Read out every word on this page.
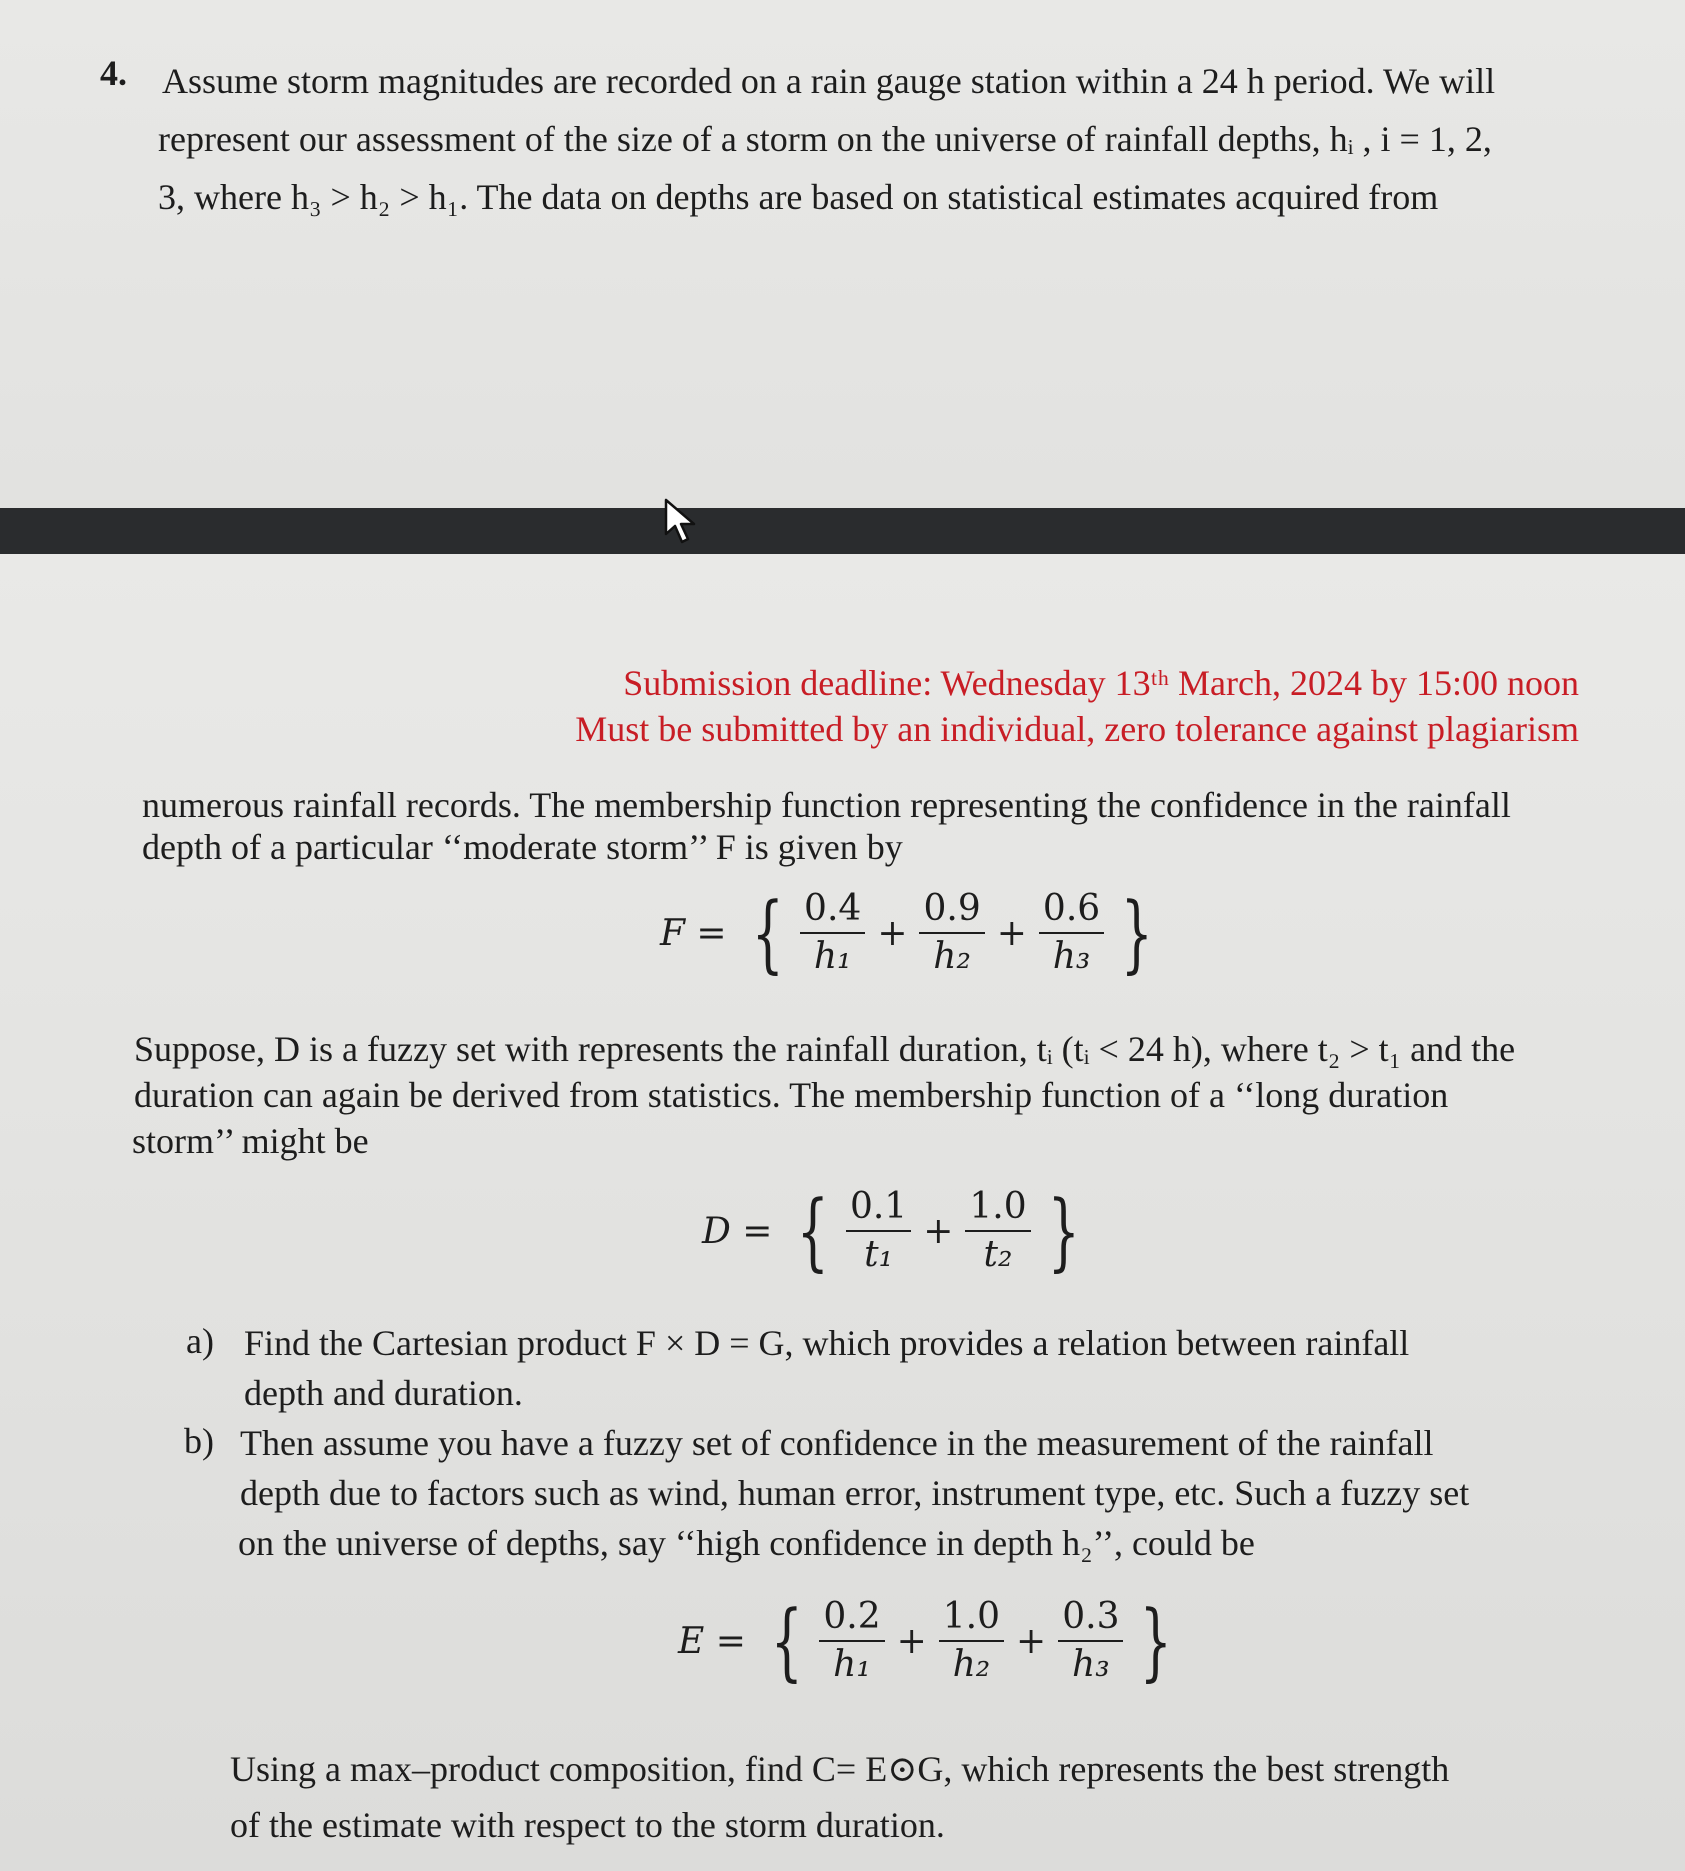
4. Assume storm magnitudes are recorded on a rain gauge station within a 24 h period. We will
represent our assessment of the size of a storm on the universe of rainfall depths, hᵢ , i = 1, 2,
3, where h₃ > h₂ > h₁. The data on depths are based on statistical estimates acquired from
Submission deadline: Wednesday 13ᵗʰ March, 2024 by 15:00 noon
Must be submitted by an individual, zero tolerance against plagiarism
numerous rainfall records. The membership function representing the confidence in the rainfall
depth of a particular ‘‘moderate storm’’ F is given by
F = { $\frac{0.4}{\text{h₁}} + \frac{0.9}{\text{h₂}} + \frac{0.6}{\text{h₃}}$ }
Suppose, D is a fuzzy set with represents the rainfall duration, tᵢ (tᵢ < 24 h), where t₂ > t₁ and the
duration can again be derived from statistics. The membership function of a ‘‘long duration
storm’’ might be
D = { $\frac{0.1}{\text{t₁}} + \frac{1.0}{\text{t₂}}$ }
a) Find the Cartesian product F × D = G, which provides a relation between rainfall
depth and duration.
b) Then assume you have a fuzzy set of confidence in the measurement of the rainfall
depth due to factors such as wind, human error, instrument type, etc. Such a fuzzy set
on the universe of depths, say ‘‘high confidence in depth h₂’’, could be
E = { $\frac{0.2}{\text{h₁}} + \frac{1.0}{\text{h₂}} + \frac{0.3}{\text{h₃}}$ }
Using a max–product composition, find C= E⊙G, which represents the best strength
of the estimate with respect to the storm duration.
